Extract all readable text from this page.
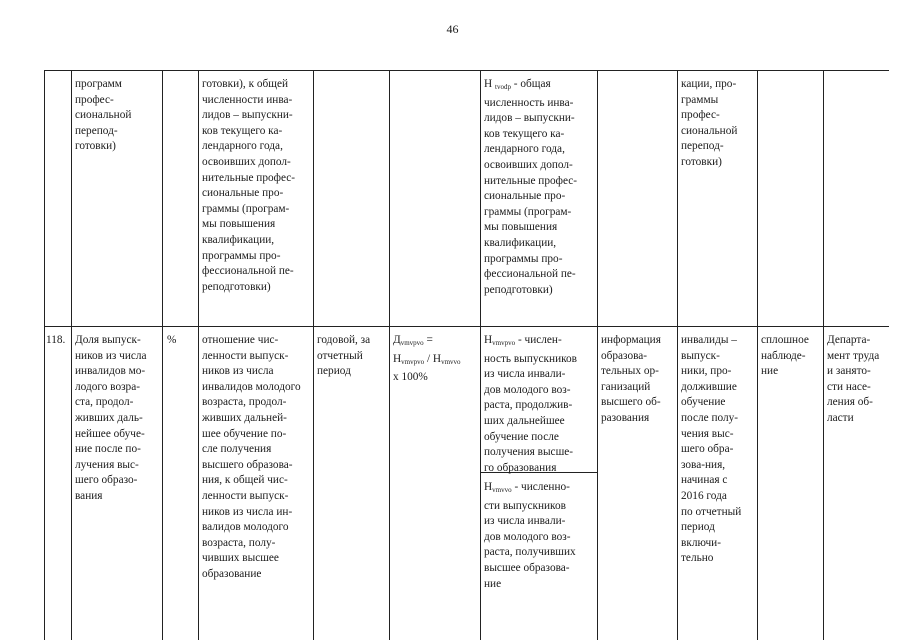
46
программ
профес-
сиональной
перепод-
готовки)
готовки), к общей
численности инва-
лидов – выпускни-
ков текущего ка-
лендарного года,
освоивших допол-
нительные профес-
сиональные про-
граммы (програм-
мы повышения
квалификации,
программы про-
фессиональной пе-
реподготовки)
Н $_{tvodp}$ - общая
численность инва-
лидов – выпускни-
ков текущего ка-
лендарного года,
освоивших допол-
нительные профес-
сиональные про-
граммы (програм-
мы повышения
квалификации,
программы про-
фессиональной пе-
реподготовки)
кации, про-
граммы
профес-
сиональной
перепод-
готовки)
118. Доля выпуск-
ников из числа
инвалидов мо-
лодого возра-
ста, продол-
живших даль-
нейшее обуче-
ние после по-
лучения выс-
шего образо-
вания
%	отношение чис-
ленности выпуск-
ников из числа
инвалидов молодого
возраста, продол-
живших дальней-
шее обучение по-
сле получения
высшего образова-
ния, к общей чис-
ленности выпуск-
ников из числа ин-
валидов молодого
возраста, полу-
чивших высшее
образование
годовой, за
отчетный
период
$Д_{vmvpvo}$ =
$Н_{vmvpvo} / Н_{vmvvo}$
x 100%
$Н_{vmvpvo}$ - числен-
ность выпускников
из числа инвали-
дов молодого воз-
раста, продолжив-
ших дальнейшее
обучение после
получения высше-
го образования
$Н_{vmvvo}$ - численно-
сти выпускников
из числа инвали-
дов молодого воз-
раста, получивших
высшее образова-
ние
информация
образова-
тельных ор-
ганизаций
высшего об-
разования
инвалиды –
выпуск-
ники, про-
должившие
обучение
после полу-
чения выс-
шего обра-
зова-ния,
начиная с
2016 года
по отчетный
период
включи-
тельно
сплошное
наблюде-
ние
Департа-
мент труда
и занято-
сти насе-
ления об-
ласти
